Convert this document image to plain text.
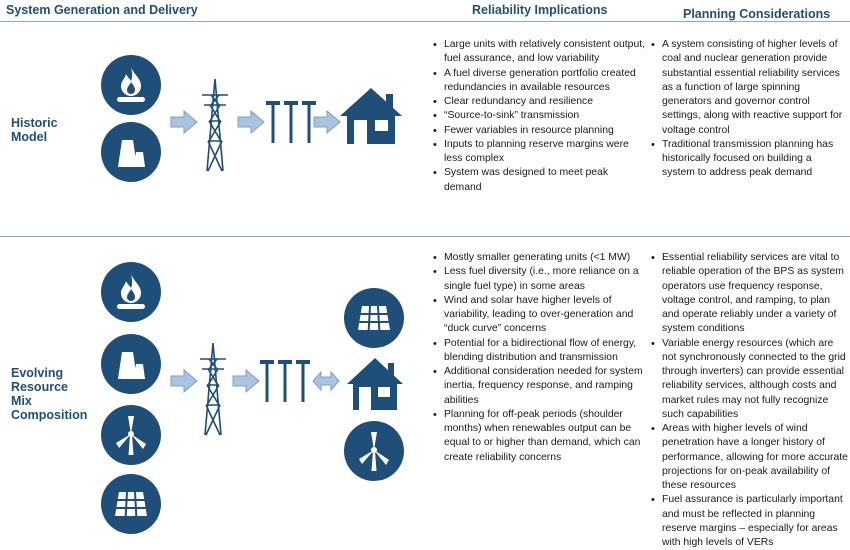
System Generation and Delivery	Reliability Implications	Planning Considerations
Historic
Model
• Large units with relatively consistent output, fuel assurance, and low variability
• A fuel diverse generation portfolio created redundancies in available resources
• Clear redundancy and resilience
• “Source-to-sink” transmission
• Fewer variables in resource planning
• Inputs to planning reserve margins were less complex
• System was designed to meet peak demand
• A system consisting of higher levels of coal and nuclear generation provide substantial essential reliability services as a function of large spinning generators and governor control settings, along with reactive support for voltage control
• Traditional transmission planning has historically focused on building a system to address peak demand
Evolving
Resource
Mix
Composition
• Mostly smaller generating units (<1 MW)
• Less fuel diversity (i.e., more reliance on a single fuel type) in some areas
• Wind and solar have higher levels of variability, leading to over-generation and “duck curve” concerns
• Potential for a bidirectional flow of energy, blending distribution and transmission
• Additional consideration needed for system inertia, frequency response, and ramping abilities
• Planning for off-peak periods (shoulder months) when renewables output can be equal to or higher than demand, which can create reliability concerns
• Essential reliability services are vital to reliable operation of the BPS as system operators use frequency response, voltage control, and ramping, to plan and operate reliably under a variety of system conditions
• Variable energy resources (which are not synchronously connected to the grid through inverters) can provide essential reliability services, although costs and market rules may not fully recognize such capabilities
• Areas with higher levels of wind penetration have a longer history of performance, allowing for more accurate projections for on-peak availability of these resources
• Fuel assurance is particularly important and must be reflected in planning reserve margins – especially for areas with high levels of VERs
